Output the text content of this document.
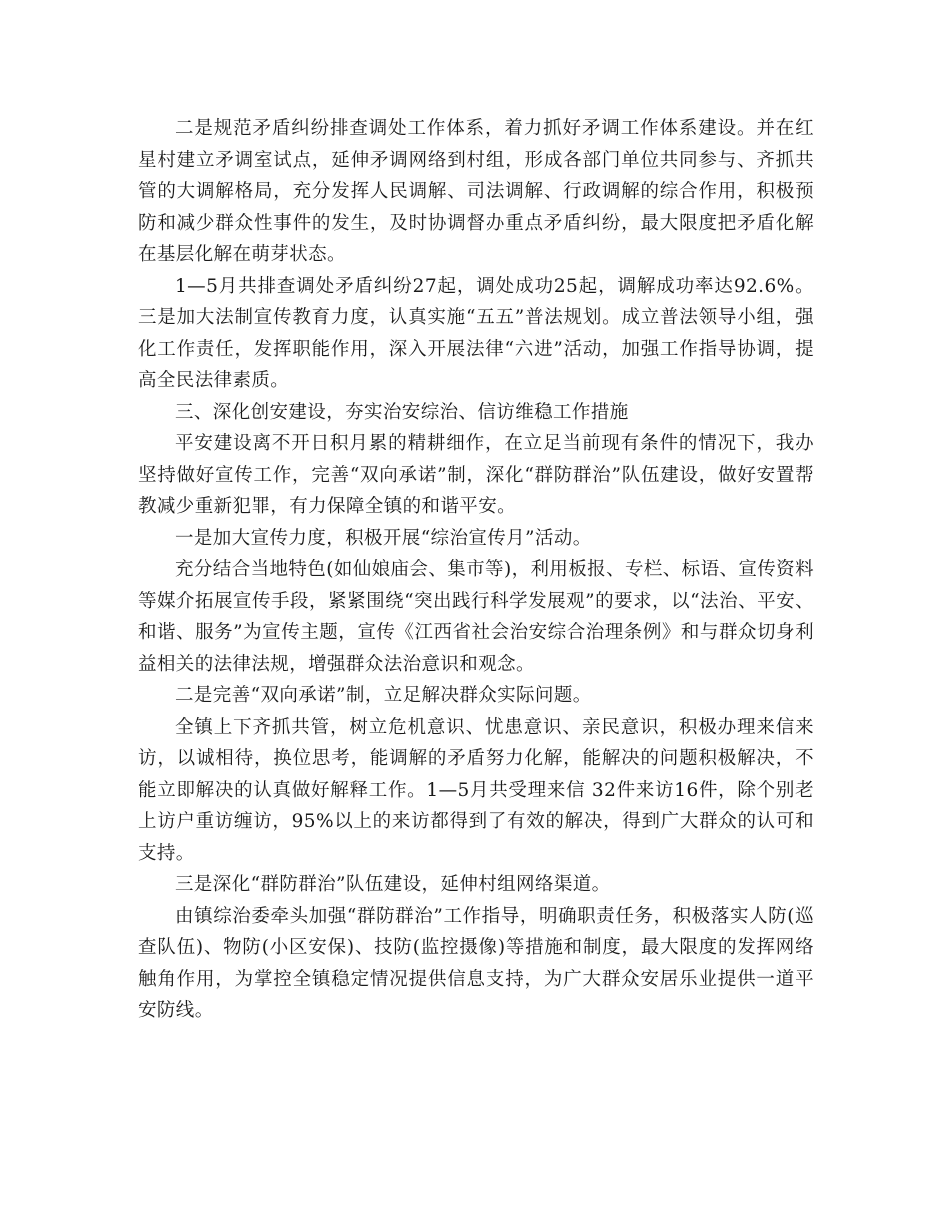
二是规范矛盾纠纷排查调处工作体系，着力抓好矛调工作体系建设。并在红星村建立矛调室试点，延伸矛调网络到村组，形成各部门单位共同参与、齐抓共管的大调解格局，充分发挥人民调解、司法调解、行政调解的综合作用，积极预防和减少群众性事件的发生，及时协调督办重点矛盾纠纷，最大限度把矛盾化解在基层化解在萌芽状态。

1—5月共排查调处矛盾纠纷27起，调处成功25起，调解成功率达92.6%。三是加大法制宣传教育力度，认真实施“五五”普法规划。成立普法领导小组，强化工作责任，发挥职能作用，深入开展法律“六进”活动，加强工作指导协调，提高全民法律素质。

三、深化创安建设，夯实治安综治、信访维稳工作措施

平安建设离不开日积月累的精耕细作，在立足当前现有条件的情况下，我办坚持做好宣传工作，完善“双向承诺”制，深化“群防群治”队伍建设，做好安置帮教减少重新犯罪，有力保障全镇的和谐平安。

一是加大宣传力度，积极开展“综治宣传月”活动。

充分结合当地特色(如仙娘庙会、集市等)，利用板报、专栏、标语、宣传资料等媒介拓展宣传手段，紧紧围绕“突出践行科学发展观”的要求，以“法治、平安、和谐、服务”为宣传主题，宣传《江西省社会治安综合治理条例》和与群众切身利益相关的法律法规，增强群众法治意识和观念。

二是完善“双向承诺”制，立足解决群众实际问题。

全镇上下齐抓共管，树立危机意识、忧患意识、亲民意识，积极办理来信来访，以诚相待，换位思考，能调解的矛盾努力化解，能解决的问题积极解决，不能立即解决的认真做好解释工作。1—5月共受理来信 32件来访16件，除个别老上访户重访缠访，95%以上的来访都得到了有效的解决，得到广大群众的认可和支持。

三是深化“群防群治”队伍建设，延伸村组网络渠道。

由镇综治委牵头加强“群防群治”工作指导，明确职责任务，积极落实人防(巡查队伍)、物防(小区安保)、技防(监控摄像)等措施和制度，最大限度的发挥网络触角作用，为掌控全镇稳定情况提供信息支持，为广大群众安居乐业提供一道平安防线。
